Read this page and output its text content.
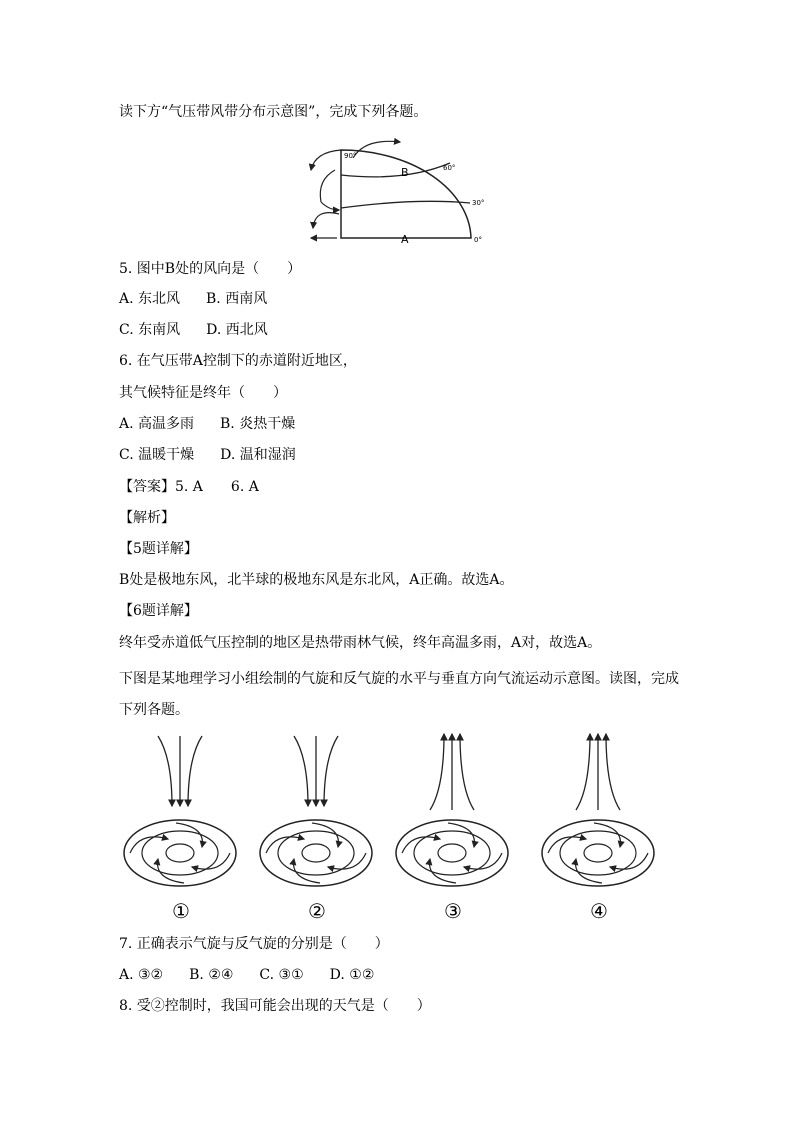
读下方“气压带风带分布示意图”，完成下列各题。
90°
60°
30°
0°
B
A
5. 图中B处的风向是（　　）
A. 东北风 B. 西南风
C. 东南风 D. 西北风
6. 在气压带A控制下的赤道附近地区，
其气候特征是终年（　　）
A. 高温多雨 B. 炎热干燥
C. 温暖干燥 D. 温和湿润
【答案】5. A　　6. A
【解析】
【5题详解】
B处是极地东风，北半球的极地东风是东北风，A正确。故选A。
【6题详解】
终年受赤道低气压控制的地区是热带雨林气候，终年高温多雨，A对，故选A。
下图是某地理学习小组绘制的气旋和反气旋的水平与垂直方向气流运动示意图。读图，完成下列各题。
①	②	③	④
7. 正确表示气旋与反气旋的分别是（　　）
A. ③② B. ②④ C. ③① D. ①②
8. 受②控制时，我国可能会出现的天气是（　　）
